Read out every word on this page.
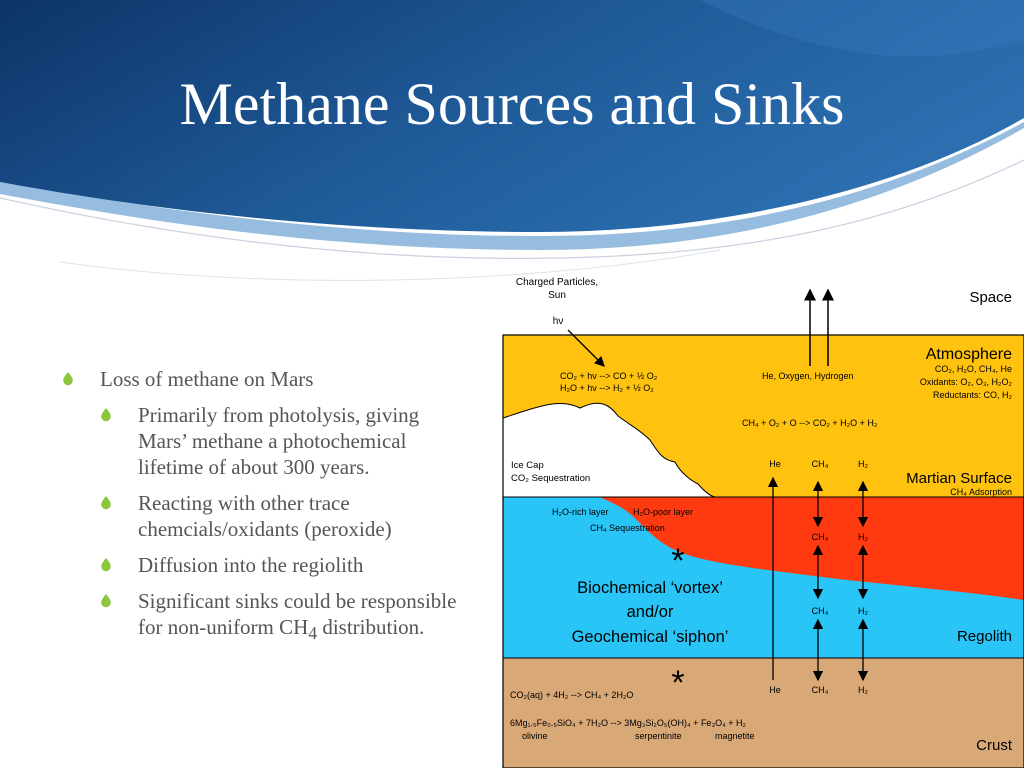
Methane Sources and Sinks
Loss of methane on Mars
Primarily from photolysis, giving Mars’ methane a photochemical lifetime of about 300 years.
Reacting with other trace chemcials/oxidants (peroxide)
Diffusion into the regiolith
Significant sinks could be responsible for non-uniform $CH_4$ distribution.
Charged Particles,
Sun
hν
Space
Atmosphere
CO₂, H₂O, CH₄, He
Oxidants: O₂, O₃, H₂O₂
Reductants: CO, H₂
CO₂ + hν --> CO + ½ O₂
H₂O + hν --> H₂ + ½ O₂
He, Oxygen, Hydrogen
CH₄ + O₂ + O --> CO₂ + H₂O + H₂
Ice Cap
CO₂ Sequestration
He	CH₄	H₂
Martian Surface
CH₄ Adsorption
H₂O-rich layer	H₂O-poor layer
CH₄ Sequestration
CH₄	H₂
*
Biochemical ‘vortex’
and/or
Geochemical ‘siphon’
CH₄	H₂
Regolith
*	He	CH₄	H₂
CO₂(aq) + 4H₂ --> CH₄ + 2H₂O
6Mg₁.₅Fe₀.₅SiO₄ + 7H₂O --> 3Mg₃Si₂O₅(OH)₄ + Fe₃O₄ + H₂
olivine	serpentinite	magnetite
Crust
